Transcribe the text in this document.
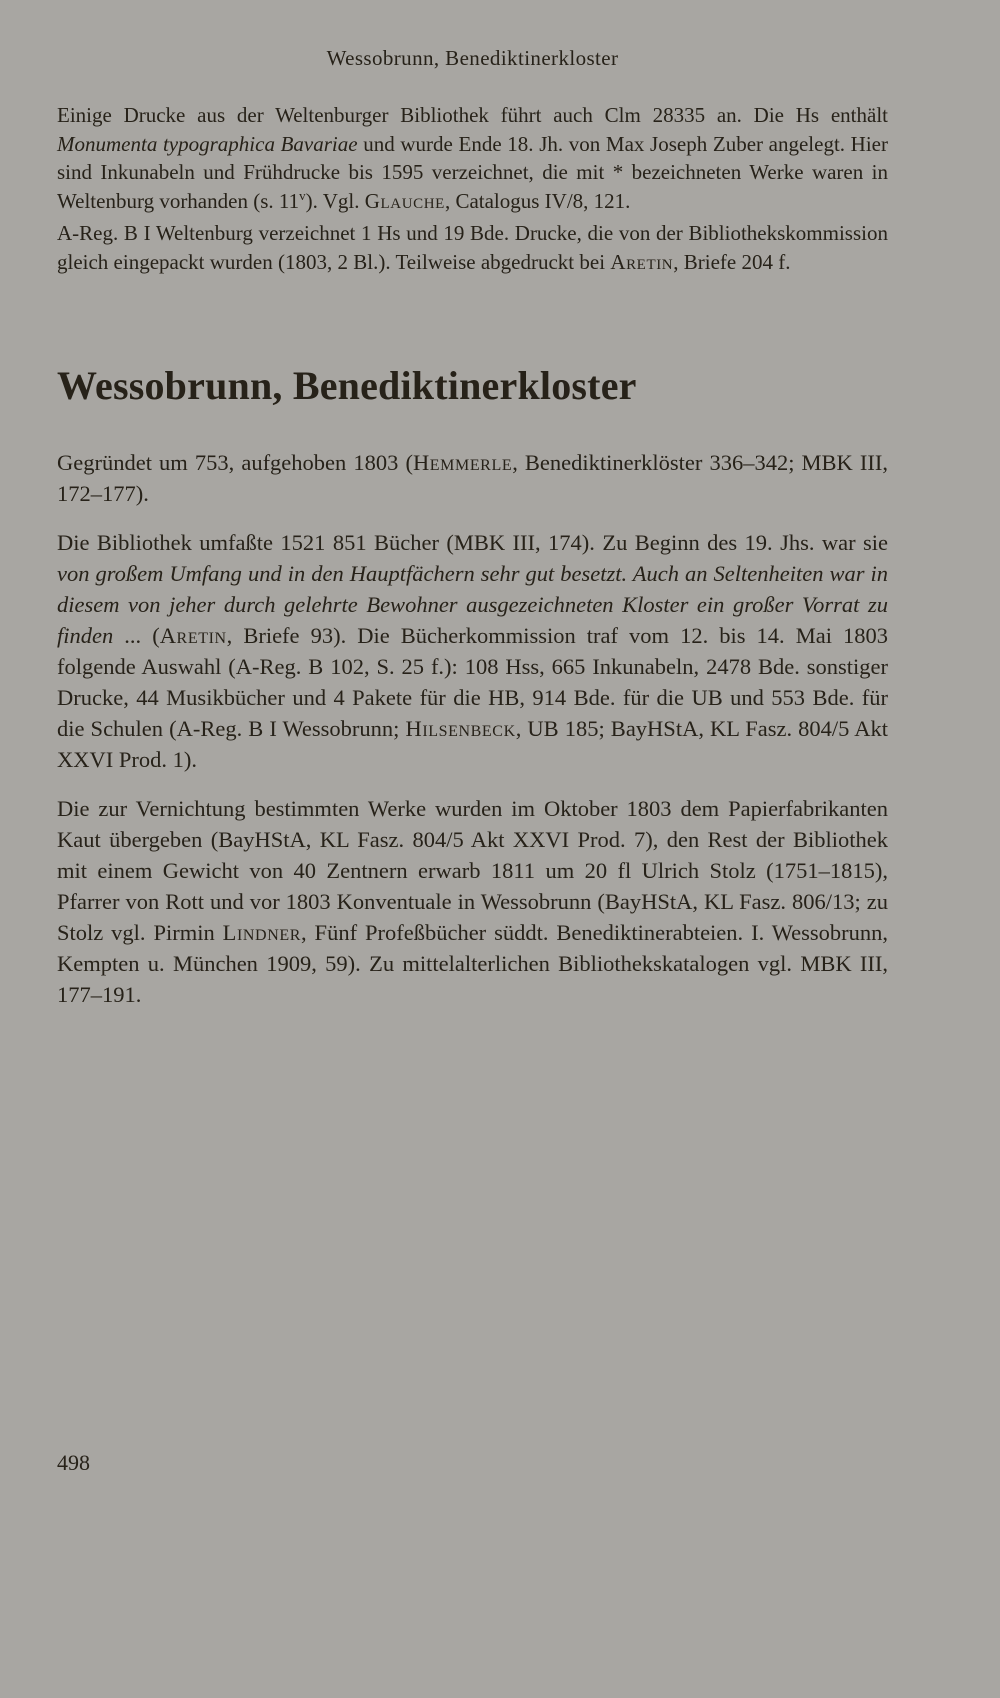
Wessobrunn, Benediktinerkloster

Einige Drucke aus der Weltenburger Bibliothek führt auch Clm 28335 an. Die Hs enthält Monumenta typographica Bavariae und wurde Ende 18. Jh. von Max Joseph Zuber angelegt. Hier sind Inkunabeln und Frühdrucke bis 1595 verzeichnet, die mit * bezeichneten Werke waren in Weltenburg vorhanden (s. 11$^v$). Vgl. Glauche, Catalogus IV/8, 121.

A-Reg. B I Weltenburg verzeichnet 1 Hs und 19 Bde. Drucke, die von der Bibliothekskommission gleich eingepackt wurden (1803, 2 Bl.). Teilweise abgedruckt bei Aretin, Briefe 204 f.

Wessobrunn, Benediktinerkloster

Gegründet um 753, aufgehoben 1803 (Hemmerle, Benediktinerklöster 336–342; MBK III, 172–177).

Die Bibliothek umfaßte 1521 851 Bücher (MBK III, 174). Zu Beginn des 19. Jhs. war sie von großem Umfang und in den Hauptfächern sehr gut besetzt. Auch an Seltenheiten war in diesem von jeher durch gelehrte Bewohner ausgezeichneten Kloster ein großer Vorrat zu finden ... (Aretin, Briefe 93). Die Bücherkommission traf vom 12. bis 14. Mai 1803 folgende Auswahl (A-Reg. B 102, S. 25 f.): 108 Hss, 665 Inkunabeln, 2478 Bde. sonstiger Drucke, 44 Musikbücher und 4 Pakete für die HB, 914 Bde. für die UB und 553 Bde. für die Schulen (A-Reg. B I Wessobrunn; Hilsenbeck, UB 185; BayHStA, KL Fasz. 804/5 Akt XXVI Prod. 1).

Die zur Vernichtung bestimmten Werke wurden im Oktober 1803 dem Papierfabrikanten Kaut übergeben (BayHStA, KL Fasz. 804/5 Akt XXVI Prod. 7), den Rest der Bibliothek mit einem Gewicht von 40 Zentnern erwarb 1811 um 20 fl Ulrich Stolz (1751–1815), Pfarrer von Rott und vor 1803 Konventuale in Wessobrunn (BayHStA, KL Fasz. 806/13; zu Stolz vgl. Pirmin Lindner, Fünf Profeßbücher süddt. Benediktinerabteien. I. Wessobrunn, Kempten u. München 1909, 59). Zu mittelalterlichen Bibliothekskatalogen vgl. MBK III, 177–191.

498
